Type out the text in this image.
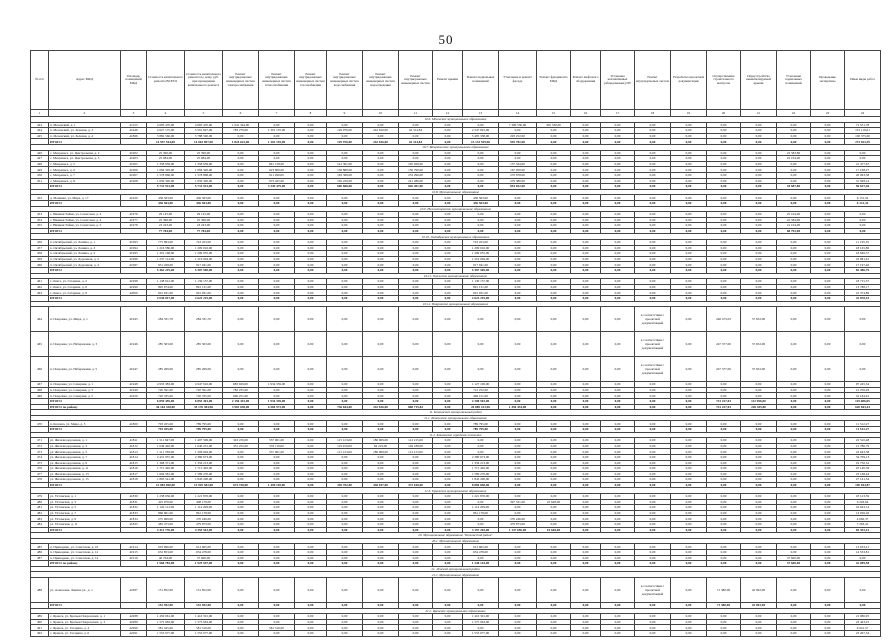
50
№ п/п	Адрес МКД	Площадь помещений МКД	Стоимость капитального ремонта ВСЕГО	Стоимость капитального ремонта по дому, руб. при проведении капитального ремонта	Ремонт внутридомовых инженерных систем электроснабжения	Ремонт внутридомовых инженерных систем теплоснабжения	Ремонт внутридомовых инженерных систем газоснабжения	Ремонт внутридомовых инженерных систем водоснабжения	Ремонт внутридомовых инженерных систем водоотведения	Ремонт внутридомовых инженерных систем	Ремонт крыши	Ремонт подвальных помещений	Утепление и ремонт фасада	Ремонт фундамента МКД	Ремонт лифтового оборудования	Установка коллективных (общедомовых) ПУ	Ремонт внутридомовых систем	Разработка проектной документации	Осуществление строительного контроля	Переустройство невентилируемой крыши	Утепление подвальных помещений	Проведение экспертизы	Иные виды работ
1	2	3	4	5	6	7	8	9	10	11	12	13	14	15	16	17	18	19	20	21	22	23	24
10.6. Мезенское муниципальное образование																							
443	п. Мезенский, д. 1	41153	4 683 470,00	4 683 470,00	1 041 344,00	0,00	0,00	0,00	0,00	0,00	0,00	0,00	7 390 530,00	302 530,00	0,00	0,00	0,00	0,00	0,00	0,00	0,00	0,00	71 531,78
444	п. Мезенский, ул. Зеленая, д. 3	41946	4 627 175,00	3 591 847,96	783 279,00	1 301 155,00	0,00	129 976,00	242 816,00	42 314,84	0,00	2 247 691,96	0,00	0,00	0,00	0,00	0,00	0,00	0,00	0,00	0,00	0,00	101 116,61
445	п. Мезенский, ул. Зеленая, д. 4	41866	5 882 560,00	5 788 590,00	0,00	0,00	0,00	0,00	0,00	0,00	0,00	5 495 338,00	293 252,00	0,00	0,00	0,00	0,00	0,00	0,00	0,00	0,00	0,00	100 375,00
	ИТОГО		14 957 544,00	14 063 907,96	1 824 623,00	1 301 155,00	0,00	129 976,00	242 816,00	42 314,84	0,00	15 133 559,96	595 782,00	0,00	0,00	0,00	0,00	0,00	0,00	0,00	0,00	0,00	273 023,39
10.7. Мехреньгское муниципальное образование																							
446	с. Мехреньга, ул. Центральная, д. 2	41902	25 390,00	25 390,00	0,00	0,00	0,00	0,00	0,00	0,00	0,00	0,00	0,00	0,00	0,00	0,00	0,00	0,00	0,00	0,00	22 583,80	0,00	0,00
447	с. Мехреньга, ул. Центральная, д. 3	41903	25 084,00	25 084,00	0,00	0,00	0,00	0,00	0,00	0,00	0,00	0,00	0,00	0,00	0,00	0,00	0,00	0,00	0,00	0,00	22 104,00	0,00	0,00
448	с. Мехреньга, д. 5	41905	1 358 959,00	1 358 959,00	0,00	841 158,00	0,00	141 361,00	0,00	195 029,00	0,00	0,00	137 344,00	0,00	0,00	0,00	0,00	0,00	0,00	0,00	0,00	0,00	21 477,67
449	с. Мехреньга, д. 6	41906	1 084 320,00	1 084 320,00	0,00	623 600,00	0,00	136 880,00	0,00	156 790,00	0,00	0,00	167 050,00	0,00	0,00	0,00	0,00	0,00	0,00	0,00	0,00	0,00	17 168,27
450	с. Мехреньга, д. 7	41907	1 578 868,00	1 578 868,00	0,00	911 296,00	0,00	163 398,00	0,00	233 296,00	0,00	0,00	270 878,00	0,00	0,00	0,00	0,00	0,00	0,00	0,00	0,00	0,00	26 063,38
451	с. Мехреньга, д. 8	41908	1 659 320,00	1 659 320,00	0,00	973 425,00	0,00	165 229,00	0,00	241 286,00	0,00	0,00	279 380,00	0,00	0,00	0,00	0,00	0,00	0,00	0,00	0,00	0,00	31 928,14
	ИТОГО		5 731 941,00	5 731 941,00	0,00	3 349 479,00	0,00	606 868,00	0,00	826 401,00	0,00	0,00	854 652,00	0,00	0,00	0,00	0,00	0,00	0,00	0,00	44 687,80	0,00	96 637,46
10.8. Муниципальное образование																							
452	д. Малинка, ул. Мира, д. 17	41920	436 563,00	436 563,00	0,00	0,00	0,00	0,00	0,00	0,00	0,00	436 563,00	0,00	0,00	0,00	0,00	0,00	0,00	0,00	0,00	0,00	0,00	6 131,32
	ИТОГО		436 563,00	436 563,00	0,00	0,00	0,00	0,00	0,00	0,00	0,00	436 563,00	0,00	0,00	0,00	0,00	0,00	0,00	0,00	0,00	0,00	0,00	6 131,32
10.9. Нижнетоемское муниципальное образование																							
453	с. Нижняя Тойма, ул. Советская, д. 2	41976	29 145,00	29 145,00	0,00	0,00	0,00	0,00	0,00	0,00	0,00	0,00	0,00	0,00	0,00	0,00	0,00	0,00	0,00	0,00	25 104,00	0,00	0,00
454	с. Нижняя Тойма, ул. Советская, д. 4	41977	25 396,00	25 396,00	0,00	0,00	0,00	0,00	0,00	0,00	0,00	0,00	0,00	0,00	0,00	0,00	0,00	0,00	0,00	0,00	22 584,00	0,00	0,00
455	с. Нижняя Тойма, ул. Советская, д. 5	41978	23 243,00	23 243,00	0,00	0,00	0,00	0,00	0,00	0,00	0,00	0,00	0,00	0,00	0,00	0,00	0,00	0,00	0,00	0,00	21 104,00	0,00	0,00
	ИТОГО		77 784,00	77 784,00	0,00	0,00	0,00	0,00	0,00	0,00	0,00	0,00	0,00	0,00	0,00	0,00	0,00	0,00	0,00	0,00	68 792,00	0,00	0,00
10.10. Октябрьское муниципальное образование																							
456	п. Октябрьский, ул. Ленина, д. 1	41993	775 893,00	743 453,00	0,00	0,00	0,00	0,00	0,00	0,00	0,00	743 453,00	0,00	0,00	0,00	0,00	0,00	0,00	0,00	0,00	0,00	0,00	11 195,55
457	п. Октябрьский, ул. Ленина, д. 3	41994	1 216 586,00	1 209 016,00	0,00	0,00	0,00	0,00	0,00	0,00	0,00	1 209 016,00	0,00	0,00	0,00	0,00	0,00	0,00	0,00	0,00	0,00	0,00	18 165,80
458	п. Октябрьский, ул. Ленина, д. 5	41995	1 301 168,00	1 299 055,00	0,00	0,00	0,00	0,00	0,00	0,00	0,00	1 299 055,00	0,00	0,00	0,00	0,00	0,00	0,00	0,00	0,00	0,00	0,00	18 946,37
459	п. Октябрьский, ул. Дорожная, д. 2	41996	1 237 114,00	1 219 004,00	0,00	0,00	0,00	0,00	0,00	0,00	0,00	1 219 004,00	0,00	0,00	0,00	0,00	0,00	0,00	0,00	0,00	0,00	0,00	16 981,61
460	п. Октябрьский, ул. Дорожная, д. 4	41997	931 458,00	917 041,00	0,00	0,00	0,00	0,00	0,00	0,00	0,00	917 041,00	0,00	0,00	0,00	0,00	0,00	0,00	0,00	0,00	0,00	0,00	17 197,46
	ИТОГО		5 462 219,00	5 387 569,00	0,00	0,00	0,00	0,00	0,00	0,00	0,00	5 387 569,00	0,00	0,00	0,00	0,00	0,00	0,00	0,00	0,00	0,00	0,00	82 486,79
10.11. Онежское муниципальное образование																							
461	г. Онега, ул. Гагарина, д. 2	41998	1 138 912,00	1 130 157,00	0,00	0,00	0,00	0,00	0,00	0,00	0,00	1 130 157,00	0,00	0,00	0,00	0,00	0,00	0,00	0,00	0,00	0,00	0,00	18 715,37
462	г. Онега, ул. Гагарина, д. 6	41999	895 974,00	891 131,00	0,00	0,00	0,00	0,00	0,00	0,00	0,00	891 131,00	0,00	0,00	0,00	0,00	0,00	0,00	0,00	0,00	0,00	0,00	13 788,17
463	г. Онега, ул. Гагарина, д. 8	42000	601 931,00	601 931,00	0,00	0,00	0,00	0,00	0,00	0,00	0,00	601 931,00	0,00	0,00	0,00	0,00	0,00	0,00	0,00	0,00	0,00	0,00	10 374,89
	ИТОГО		2 636 817,00	2 623 219,00	0,00	0,00	0,00	0,00	0,00	0,00	0,00	2 623 219,00	0,00	0,00	0,00	0,00	0,00	0,00	0,00	0,00	0,00	0,00	42 878,43
10.12. Покровское муниципальное образование																							
464	п. Покровка, ул. Мира, д. 1	41945	284 331,70	284 331,70	0,00	0,00	0,00	0,00	0,00	0,00	0,00	0,00	0,00	0,00	0,00	0,00	в соответствии с проектной документацией	0,00	246 473,03	37 652,00	0,00	0,00	0,00
465	п. Покровка, ул. Набережная, д. 3	41946	285 303,00	285 303,00	0,00	0,00	0,00	0,00	0,00	0,00	0,00	0,00	0,00	0,00	0,00	0,00	в соответствии с проектной документацией	0,00	247 377,00	37 652,00	0,00	0,00	0,00
466	п. Покровка, ул. Набережная, д. 5	41947	285 269,00	285 269,00	0,00	0,00	0,00	0,00	0,00	0,00	0,00	0,00	0,00	0,00	0,00	0,00	в соответствии с проектной документацией	0,00	247 377,00	37 652,00	0,00	0,00	0,00
467	п. Покровка, ул. Северная, д. 1	41948	4 933 383,00	4 947 916,00	683 929,00	1 934 339,00	0,00	0,00	0,00	0,00	0,00	1 127 100,00	0,00	0,00	0,00	0,00	0,00	0,00	0,00	0,00	0,00	0,00	97 245,34
468	п. Покровка, ул. Северная, д. 3	41949	720 591,00	720 591,00	782 235,00	0,00	0,00	0,00	0,00	0,00	0,00	712 252,00	0,00	0,00	0,00	0,00	0,00	0,00	0,00	0,00	0,00	0,00	12 256,29
469	п. Покровка, ул. Северная, д. 5	41950	720 335,00	720 335,00	690 251,00	0,00	0,00	0,00	0,00	0,00	0,00	469 151,00	0,00	0,00	0,00	0,00	0,00	0,00	0,00	0,00	0,00	0,00	10 184,42
	ИТОГО		6 859 459,00	6 855 401,00	2 156 415,00	1 934 339,00	0,00	0,00	0,00	0,00	0,00	2 308 503,00	0,00	0,00	0,00	0,00	0,00	0,00	741 227,03	112 956,00	0,00	0,00	119 686,05
	ИТОГО по району		36 164 328,00	35 176 384,96	3 981 038,00	6 584 973,00	0,00	736 844,00	242 816,00	868 715,84	0,00	26 889 413,96	1 450 434,00	0,00	0,00	0,00	0,00	0,00	741 227,03	226 435,80	0,00	0,00	620 843,44
11. Коношский муниципальный район																							
11.1. Коношское муниципальное образование																							
470	п. Коноша, ул. Мира, д. 5	41800	793 455,00	789 795,00	0,00	0,00	0,00	0,00	0,00	0,00	0,00	789 795,00	0,00	0,00	0,00	0,00	0,00	0,00	0,00	0,00	0,00	0,00	11 512,27
	ИТОГО		793 455,00	789 795,00	0,00	0,00	0,00	0,00	0,00	0,00	0,00	789 795,00	0,00	0,00	0,00	0,00	0,00	0,00	0,00	0,00	0,00	0,00	11 512,27
11.2. Коношское городское поселение																							
471	ул. Железнодорожная, д. 1	41811	1 511 847,00	1 497 509,00	343 476,00	557 001,00	0,00	115 123,00	186 909,00	112 215,00	0,00	0,00	0,00	0,00	0,00	0,00	0,00	0,00	0,00	0,00	0,00	0,00	22 510,48
472	ул. Железнодорожная, д. 3	41812	1 046 492,00	1 040 231,00	331 252,00	376 116,00	0,00	119 456,00	64 219,00	149 188,00	0,00	0,00	0,00	0,00	0,00	0,00	0,00	0,00	0,00	0,00	0,00	0,00	15 780,79
473	ул. Железнодорожная, д. 5	41813	1 511 769,00	1 506 994,00	0,00	557 001,00	0,00	115 123,00	186 909,00	112 215,00	0,00	0,00	0,00	0,00	0,00	0,00	0,00	0,00	0,00	0,00	0,00	0,00	22 643,58
474	ул. Железнодорожная, д. 7	41814	2 431 957,00	2 380 673,00	0,00	0,00	0,00	0,00	0,00	0,00	0,00	2 380 673,00	0,00	0,00	0,00	0,00	0,00	0,00	0,00	0,00	0,00	0,00	34 709,13
475	ул. Железнодорожная, д. 9	41815	1 368 371,00	1 356 213,00	0,00	0,00	0,00	0,00	0,00	0,00	0,00	1 356 213,00	0,00	0,00	0,00	0,00	0,00	0,00	0,00	0,00	0,00	0,00	19 750,52
476	ул. Железнодорожная, д. 11	41816	1 715 492,00	1 715 492,00	0,00	0,00	0,00	0,00	0,00	0,00	0,00	1 715 492,00	0,00	0,00	0,00	0,00	0,00	0,00	0,00	0,00	0,00	0,00	25 140,59
477	ул. Железнодорожная, д. 13	41817	1 604 581,00	1 589 270,00	0,00	0,00	0,00	0,00	0,00	0,00	0,00	1 589 270,00	0,00	0,00	0,00	0,00	0,00	0,00	0,00	0,00	0,00	0,00	23 168,44
478	ул. Железнодорожная, д. 15	41818	1 893 541,00	1 843 200,00	0,00	0,00	0,00	0,00	0,00	0,00	0,00	1 843 200,00	0,00	0,00	0,00	0,00	0,00	0,00	0,00	0,00	0,00	0,00	27 141,34
	ИТОГО		13 083 050,00	12 929 582,00	674 728,00	1 490 118,00	0,00	349 702,00	438 037,00	373 618,00	0,00	8 884 848,00	0,00	0,00	0,00	0,00	0,00	0,00	0,00	0,00	0,00	0,00	190 844,87
11.3. Ерцевское муниципальное образование																							
479	ул. Ухтомская, д. 1	41830	1 238 936,00	1 221 876,00	0,00	0,00	0,00	0,00	0,00	0,00	0,00	1 221 876,00	0,00	0,00	0,00	0,00	0,00	0,00	0,00	0,00	0,00	0,00	18 123,59
480	ул. Ухтомская, д. 3	41831	425 979,00	408 179,00	0,00	0,00	0,00	0,00	0,00	0,00	0,00	0,00	397 531,00	10 648,00	0,00	0,00	0,00	0,00	0,00	0,00	0,00	0,00	6 203,64
481	ул. Ухтомская, д. 5	41832	1 120 112,00	1 114 209,00	0,00	0,00	0,00	0,00	0,00	0,00	0,00	1 114 209,00	0,00	0,00	0,00	0,00	0,00	0,00	0,00	0,00	0,00	0,00	16 643,14
482	ул. Ухтомская, д. 7	41833	866 601,00	861 178,00	0,00	0,00	0,00	0,00	0,00	0,00	0,00	861 178,00	0,00	0,00	0,00	0,00	0,00	0,00	0,00	0,00	0,00	0,00	13 036,26
483	ул. Ухтомская, д. 9	41834	275 669,00	270 246,00	0,00	0,00	0,00	0,00	0,00	0,00	0,00	0,00	270 246,00	0,00	0,00	0,00	0,00	0,00	0,00	0,00	0,00	0,00	4 082,37
484	ул. Ухтомская, д. 11	41835	485 473,00	479 873,00	0,00	0,00	0,00	0,00	0,00	0,00	0,00	0,00	479 873,00	0,00	0,00	0,00	0,00	0,00	0,00	0,00	0,00	0,00	7 263,41
	ИТОГО		4 412 770,00	4 355 561,00	0,00	0,00	0,00	0,00	0,00	0,00	0,00	3 197 263,00	1 147 650,00	10 648,00	0,00	0,00	0,00	0,00	0,00	0,00	0,00	0,00	65 352,41
20. Муниципальное образование "Котласский район"																							
20.1. Муниципальное образование																							
485	п. Приводино, ул. Советская, д. 10	41914	619 096,00	613 665,00	0,00	0,00	0,00	0,00	0,00	0,00	0,00	613 665,00	0,00	0,00	0,00	0,00	0,00	0,00	0,00	0,00	0,00	0,00	13 633,21
486	п. Приводино, ул. Советская, д. 12	41915	652 853,00	634 478,00	0,00	0,00	0,00	0,00	0,00	0,00	0,00	634 478,00	0,00	0,00	0,00	0,00	0,00	0,00	0,00	0,00	0,00	0,00	14 533,81
487	п. Приводино, ул. Советская, д. 14	41916	40 764,00	37 600,00	0,00	0,00	0,00	0,00	0,00	0,00	0,00	0,00	0,00	0,00	0,00	0,00	0,00	0,00	0,00	0,00	37 600,00	0,00	0,00
	ИТОГО по району		1 968 783,00	1 925 947,00	0,00	0,00	0,00	0,00	0,00	0,00	0,00	1 248 143,00	0,00	0,00	0,00	0,00	0,00	0,00	0,00	0,00	37 600,00	0,00	42 009,58
21. Ленский муниципальный район																							
21.1. Муниципальное образование																							
488	ул. Алексеева, Ленина ул., д. 1	42287	151 852,00	151 852,00	0,00	0,00	0,00	0,00	0,00	0,00	0,00	0,00	0,00	0,00	0,00	0,00	в соответствии с проектной документацией	0,00	71 380,00	42 092,00	0,00	0,00	0,00
	ИТОГО		152 952,00	152 952,00	0,00	0,00	0,00	0,00	0,00	0,00	0,00	0,00	0,00	0,00	0,00	0,00	0,00	0,00	71 380,00	42 092,00	0,00	0,00	0,00
21.2. Яренское муниципальное образование																							
489	с. Яренск, ул. Братьев Покровских, д. 1	42288	1 459 661,00	1 416 301,00	0,00	0,00	0,00	0,00	0,00	0,00	0,00	1 416 301,00	0,00	0,00	0,00	0,00	0,00	0,00	0,00	0,00	0,00	0,00	21 080,05
490	с. Яренск, ул. Братьев Покровских, д. 3	42289	1 575 963,00	1 575 963,00	0,00	0,00	0,00	0,00	0,00	0,00	0,00	1 575 963,00	0,00	0,00	0,00	0,00	0,00	0,00	0,00	0,00	0,00	0,00	23 443,25
491	с. Яренск, ул. Гагарина, д. 4	42290	581 445,00	581 516,00	0,00	581 516,00	0,00	0,00	0,00	0,00	0,00	0,00	0,00	0,00	0,00	0,00	0,00	0,00	0,00	0,00	0,00	0,00	9 041,57
492	с. Яренск, ул. Гагарина, д. 6	42291	1 553 077,00	1 553 077,00	0,00	0,00	0,00	0,00	0,00	0,00	0,00	1 553 077,00	0,00	0,00	0,00	0,00	0,00	0,00	0,00	0,00	0,00	0,00	23 267,34
